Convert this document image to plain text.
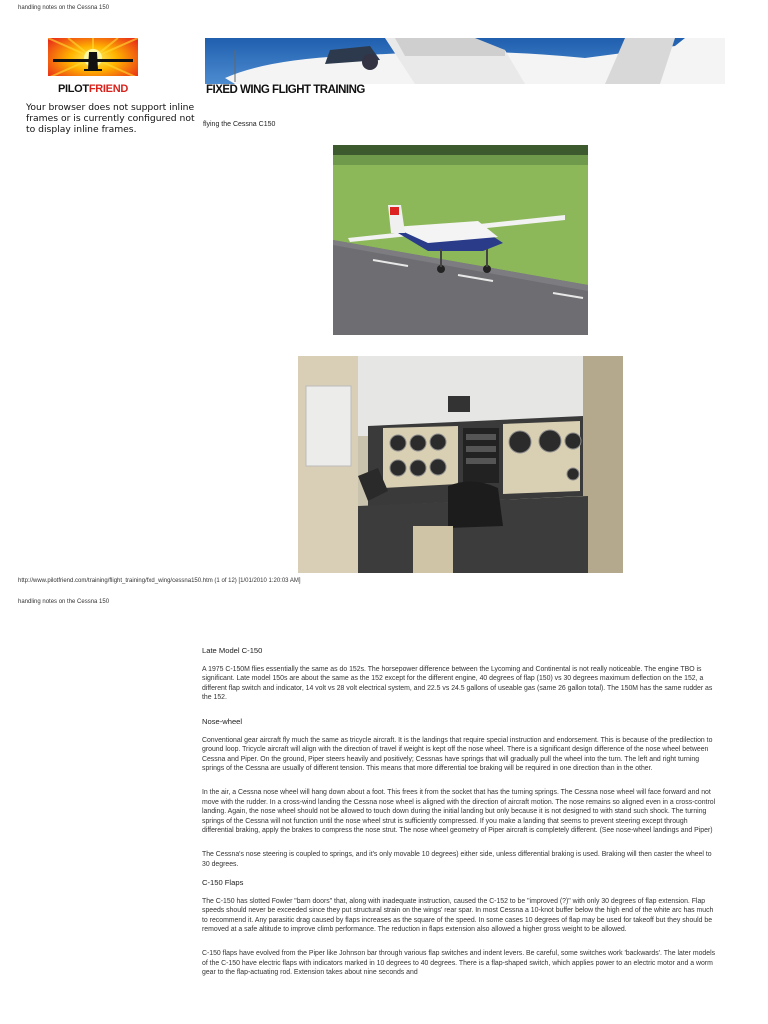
handling notes on the Cessna 150
PILOTFRIEND
Your browser does not support inline frames or is currently configured not to display inline frames.
FIXED WING FLIGHT TRAINING
flying the Cessna C150
http://www.pilotfriend.com/training/flight_training/fxd_wing/cessna150.htm (1 of 12) [1/01/2010 1:20:03 AM]
handling notes on the Cessna 150
Late Model C-150

A 1975 C-150M flies essentially the same as do 152s. The horsepower difference between the Lycoming and Continental is not really noticeable. The engine TBO is significant. Late model 150s are about the same as the 152 except for the different engine, 40 degrees of flap (150) vs 30 degrees maximum deflection on the 152, a different flap switch and indicator, 14 volt vs 28 volt electrical system, and 22.5 vs 24.5 gallons of useable gas (same 26 gallon total). The 150M has the same rudder as the 152.

Nose-wheel

Conventional gear aircraft fly much the same as tricycle aircraft. It is the landings that require special instruction and endorsement. This is because of the predilection to ground loop. Tricycle aircraft will align with the direction of travel if weight is kept off the nose wheel. There is a significant design difference of the nose wheel between Cessna and Piper. On the ground, Piper steers heavily and positively; Cessnas have springs that will gradually pull the wheel into the turn. The left and right turning springs of the Cessna are usually of different tension. This means that more differential toe braking will be required in one direction than in the other.

In the air, a Cessna nose wheel will hang down about a foot. This frees it from the socket that has the turning springs. The Cessna nose wheel will face forward and not move with the rudder. In a cross-wind landing the Cessna nose wheel is aligned with the direction of aircraft motion. The nose remains so aligned even in a cross-control landing. Again, the nose wheel should not be allowed to touch down during the initial landing but only because it is not designed to with stand such shock. The turning springs of the Cessna will not function until the nose wheel strut is sufficiently compressed. If you make a landing that seems to prevent steering except through differential braking, apply the brakes to compress the nose strut. The nose wheel geometry of Piper aircraft is completely different. (See nose-wheel landings and Piper)

The Cessna's nose steering is coupled to springs, and it's only movable 10 degrees) either side, unless differential braking is used. Braking will then caster the wheel to 30 degrees.

C-150 Flaps

The C-150 has slotted Fowler "barn doors" that, along with inadequate instruction, caused the C-152 to be "improved (?)" with only 30 degrees of flap extension. Flap speeds should never be exceeded since they put structural strain on the wings' rear spar. In most Cessna a 10-knot buffer below the high end of the white arc has much to recommend it. Any parasitic drag caused by flaps increases as the square of the speed. In some cases 10 degrees of flap may be used for takeoff but they should be removed at a safe altitude to improve climb performance. The reduction in flaps extension also allowed a higher gross weight to be allowed.

C-150 flaps have evolved from the Piper like Johnson bar through various flap switches and indent levers. Be careful, some switches work 'backwards'. The later models of the C-150 have electric flaps with indicators marked in 10 degrees to 40 degrees. There is a flap-shaped switch, which applies power to an electric motor and a worm gear to the flap-actuating rod. Extension takes about nine seconds and
